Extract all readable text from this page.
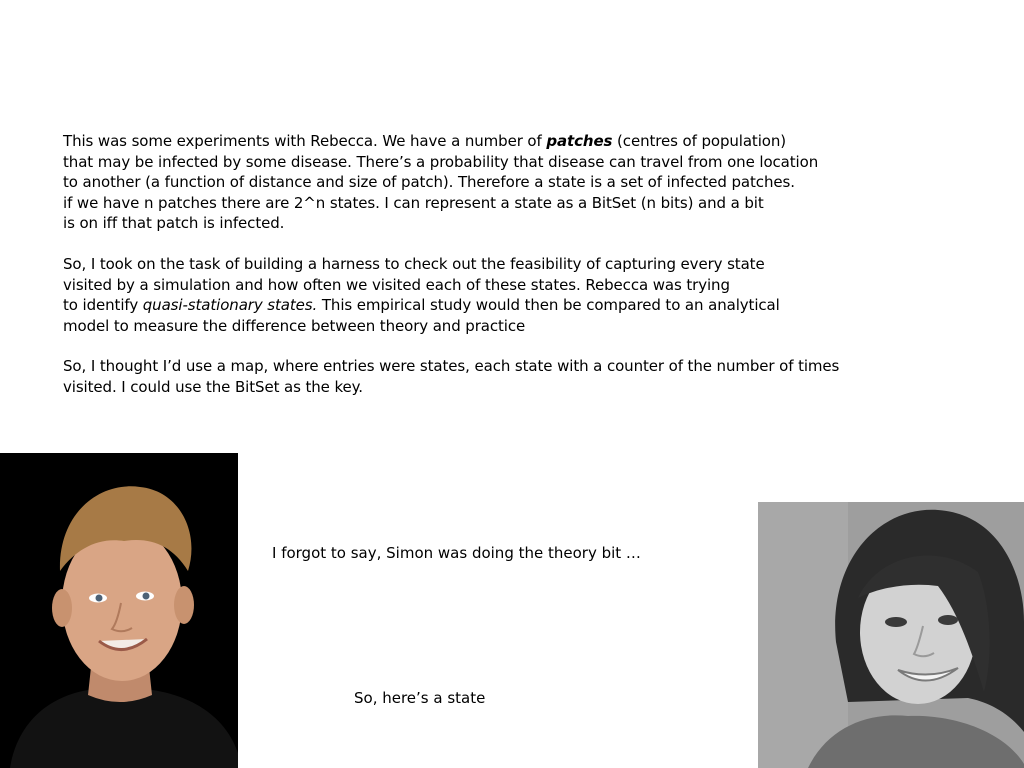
This was some experiments with Rebecca. We have a number of patches (centres of population)
that may be infected by some disease. There’s a probability that disease can travel from one location
to another (a function of distance and size of patch). Therefore a state is a set of infected patches.
if we have n patches there are 2^n states. I can represent a state as a BitSet (n bits) and a bit
is on iff that patch is infected.

So, I took on the task of building a harness to check out the feasibility of capturing every state
visited by a simulation and how often we visited each of these states. Rebecca was trying
to identify quasi-stationary states. This empirical study would then be compared to an analytical
model to measure the difference between theory and practice

So, I thought I’d use a map, where entries were states, each state with a counter of the number of times
visited. I could use the BitSet as the key.

I forgot to say, Simon was doing the theory bit …

So, here’s a state
